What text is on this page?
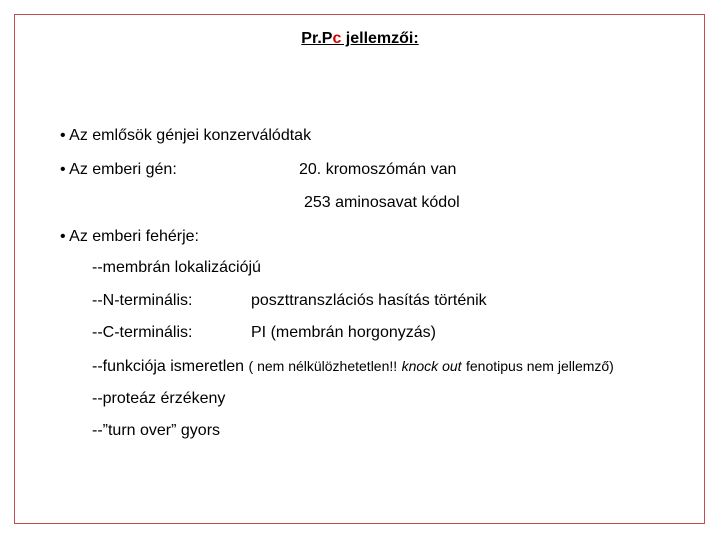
Pr.Pc jellemzői:
• Az emlősök génjei konzerválódtak
• Az emberi gén:	20. kromoszómán van
253 aminosavat kódol
• Az emberi fehérje:
--membrán lokalizációjú
--N-terminális:	poszttranszlációs hasítás történik
--C-terminális:	PI (membrán horgonyzás)
--funkciója ismeretlen ( nem nélkülözhetetlen!! knock out fenotipus nem jellemző)
--proteáz érzékeny
--”turn over” gyors
